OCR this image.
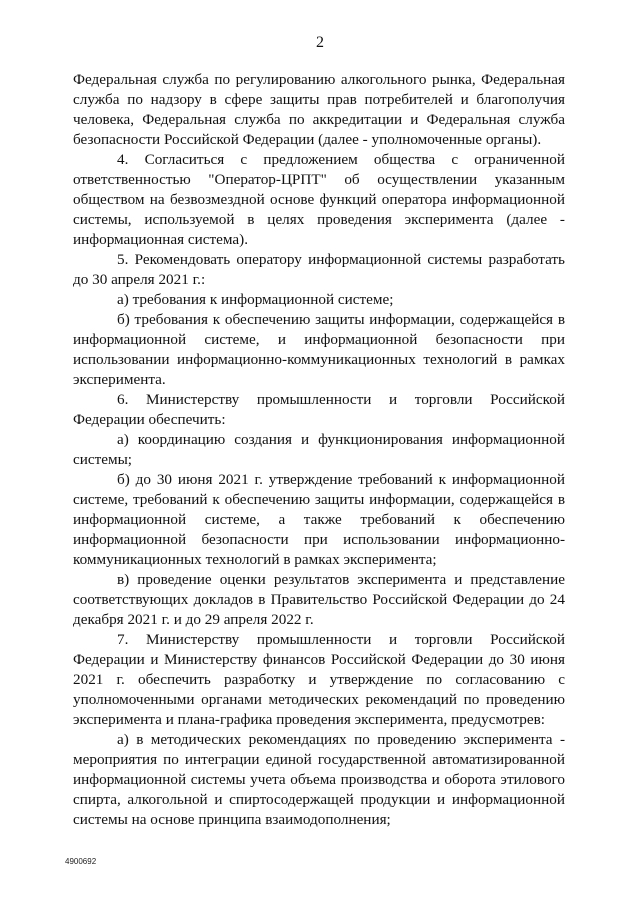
2

Федеральная служба по регулированию алкогольного рынка, Федеральная служба по надзору в сфере защиты прав потребителей и благополучия человека, Федеральная служба по аккредитации и Федеральная служба безопасности Российской Федерации (далее - уполномоченные органы).

4. Согласиться с предложением общества с ограниченной ответственностью "Оператор-ЦРПТ" об осуществлении указанным обществом на безвозмездной основе функций оператора информационной системы, используемой в целях проведения эксперимента (далее - информационная система).

5. Рекомендовать оператору информационной системы разработать до 30 апреля 2021 г.:

а) требования к информационной системе;

б) требования к обеспечению защиты информации, содержащейся в информационной системе, и информационной безопасности при использовании информационно-коммуникационных технологий в рамках эксперимента.

6. Министерству промышленности и торговли Российской Федерации обеспечить:

а) координацию создания и функционирования информационной системы;

б) до 30 июня 2021 г. утверждение требований к информационной системе, требований к обеспечению защиты информации, содержащейся в информационной системе, а также требований к обеспечению информационной безопасности при использовании информационно-коммуникационных технологий в рамках эксперимента;

в) проведение оценки результатов эксперимента и представление соответствующих докладов в Правительство Российской Федерации до 24 декабря 2021 г. и до 29 апреля 2022 г.

7. Министерству промышленности и торговли Российской Федерации и Министерству финансов Российской Федерации до 30 июня 2021 г. обеспечить разработку и утверждение по согласованию с уполномоченными органами методических рекомендаций по проведению эксперимента и плана-графика проведения эксперимента, предусмотрев:

а) в методических рекомендациях по проведению эксперимента - мероприятия по интеграции единой государственной автоматизированной информационной системы учета объема производства и оборота этилового спирта, алкогольной и спиртосодержащей продукции и информационной системы на основе принципа взаимодополнения;

4900692
